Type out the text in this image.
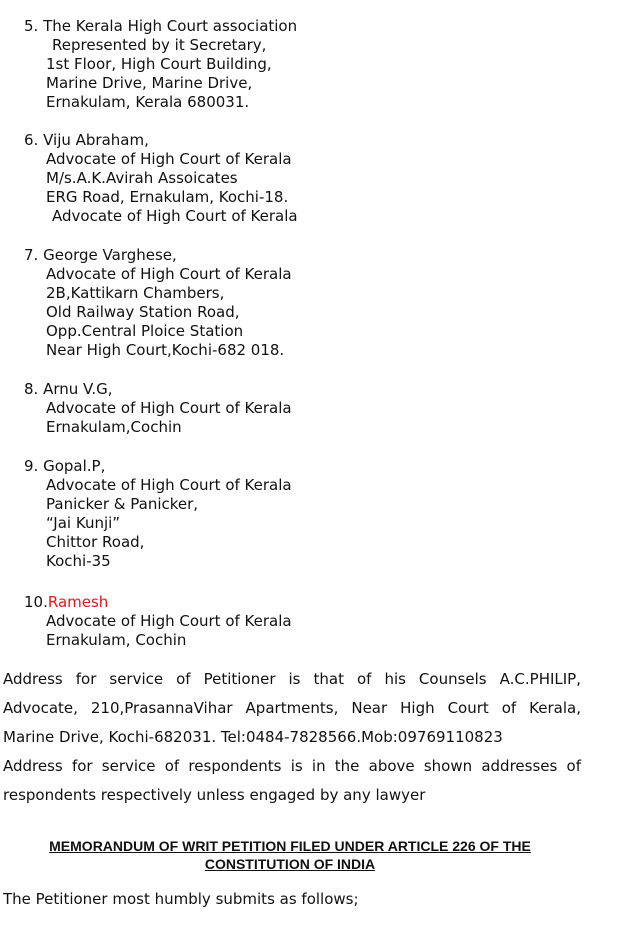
5. The Kerala High Court association
Represented by it Secretary,
1st Floor, High Court Building,
Marine Drive, Marine Drive,
Ernakulam, Kerala 680031.
6. Viju Abraham,
Advocate of High Court of Kerala
M/s.A.K.Avirah Assoicates
ERG Road, Ernakulam, Kochi-18.
Advocate of High Court of Kerala
7. George Varghese,
Advocate of High Court of Kerala
2B,Kattikarn Chambers,
Old Railway Station Road,
Opp.Central Ploice Station
Near High Court,Kochi-682 018.
8. Arnu V.G,
Advocate of High Court of Kerala
Ernakulam,Cochin
9. Gopal.P,
Advocate of High Court of Kerala
Panicker & Panicker,
“Jai Kunji”
Chittor Road,
Kochi-35
10.Ramesh
Advocate of High Court of Kerala
Ernakulam, Cochin
Address for service of Petitioner is that of his Counsels A.C.PHILIP,
Advocate, 210,PrasannaVihar Apartments, Near High Court of Kerala,
Marine Drive, Kochi-682031. Tel:0484-7828566.Mob:09769110823
Address for service of respondents is in the above shown addresses of
respondents respectively unless engaged by any lawyer
MEMORANDUM OF WRIT PETITION FILED UNDER ARTICLE 226 OF THE
CONSTITUTION OF INDIA
The Petitioner most humbly submits as follows;
